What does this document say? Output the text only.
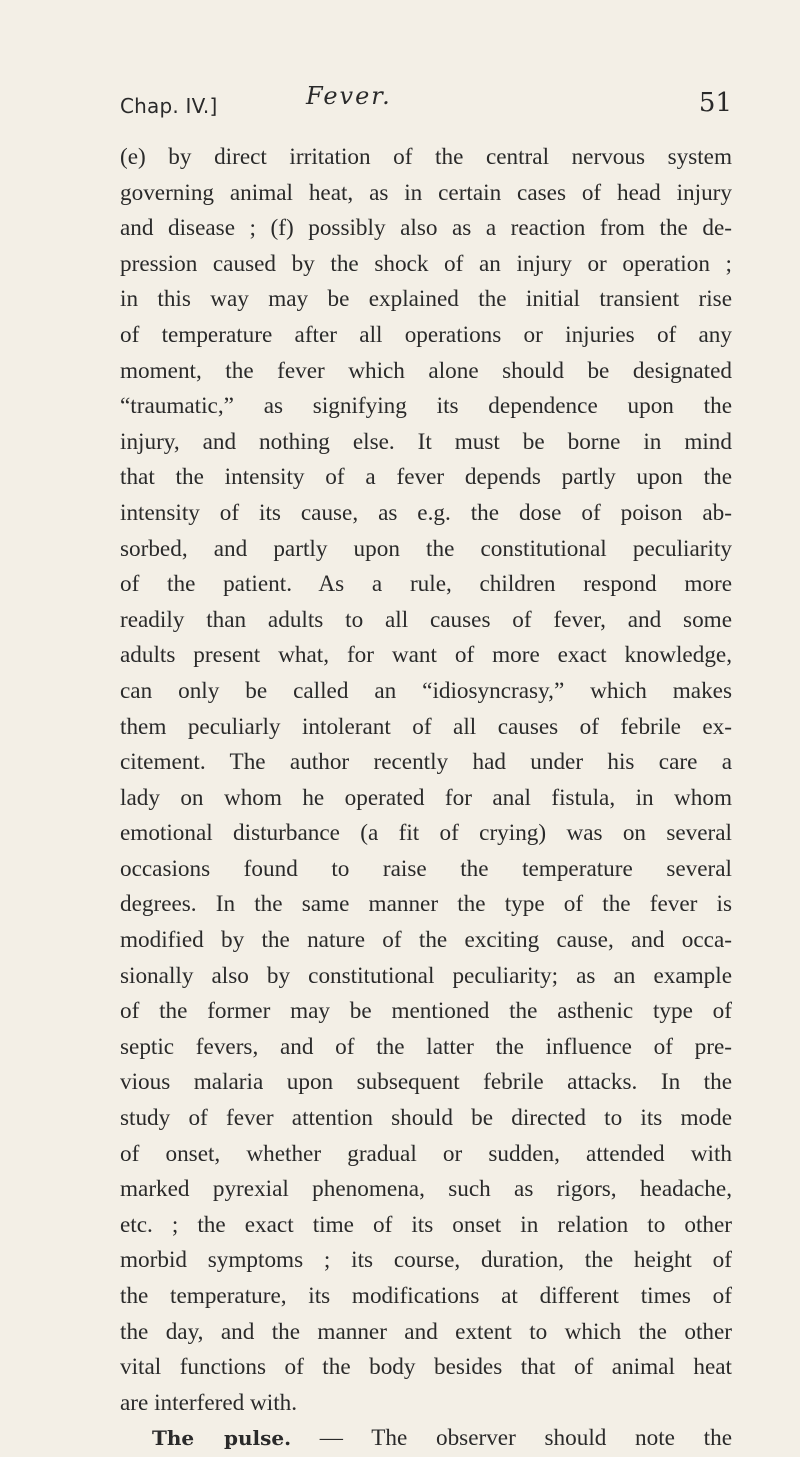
Chap. IV.]	Fever.	51
(e) by direct irritation of the central nervous system
governing animal heat, as in certain cases of head injury
and disease ; (f) possibly also as a reaction from the de-
pression caused by the shock of an injury or operation ;
in this way may be explained the initial transient rise
of temperature after all operations or injuries of any
moment, the fever which alone should be designated
“traumatic,” as signifying its dependence upon the
injury, and nothing else. It must be borne in mind
that the intensity of a fever depends partly upon the
intensity of its cause, as e.g. the dose of poison ab-
sorbed, and partly upon the constitutional peculiarity
of the patient. As a rule, children respond more
readily than adults to all causes of fever, and some
adults present what, for want of more exact knowledge,
can only be called an “idiosyncrasy,” which makes
them peculiarly intolerant of all causes of febrile ex-
citement. The author recently had under his care a
lady on whom he operated for anal fistula, in whom
emotional disturbance (a fit of crying) was on several
occasions found to raise the temperature several
degrees. In the same manner the type of the fever is
modified by the nature of the exciting cause, and occa-
sionally also by constitutional peculiarity; as an example
of the former may be mentioned the asthenic type of
septic fevers, and of the latter the influence of pre-
vious malaria upon subsequent febrile attacks. In the
study of fever attention should be directed to its mode
of onset, whether gradual or sudden, attended with
marked pyrexial phenomena, such as rigors, headache,
etc. ; the exact time of its onset in relation to other
morbid symptoms ; its course, duration, the height of
the temperature, its modifications at different times of
the day, and the manner and extent to which the other
vital functions of the body besides that of animal heat
are interfered with.
The pulse. — The observer should note the
